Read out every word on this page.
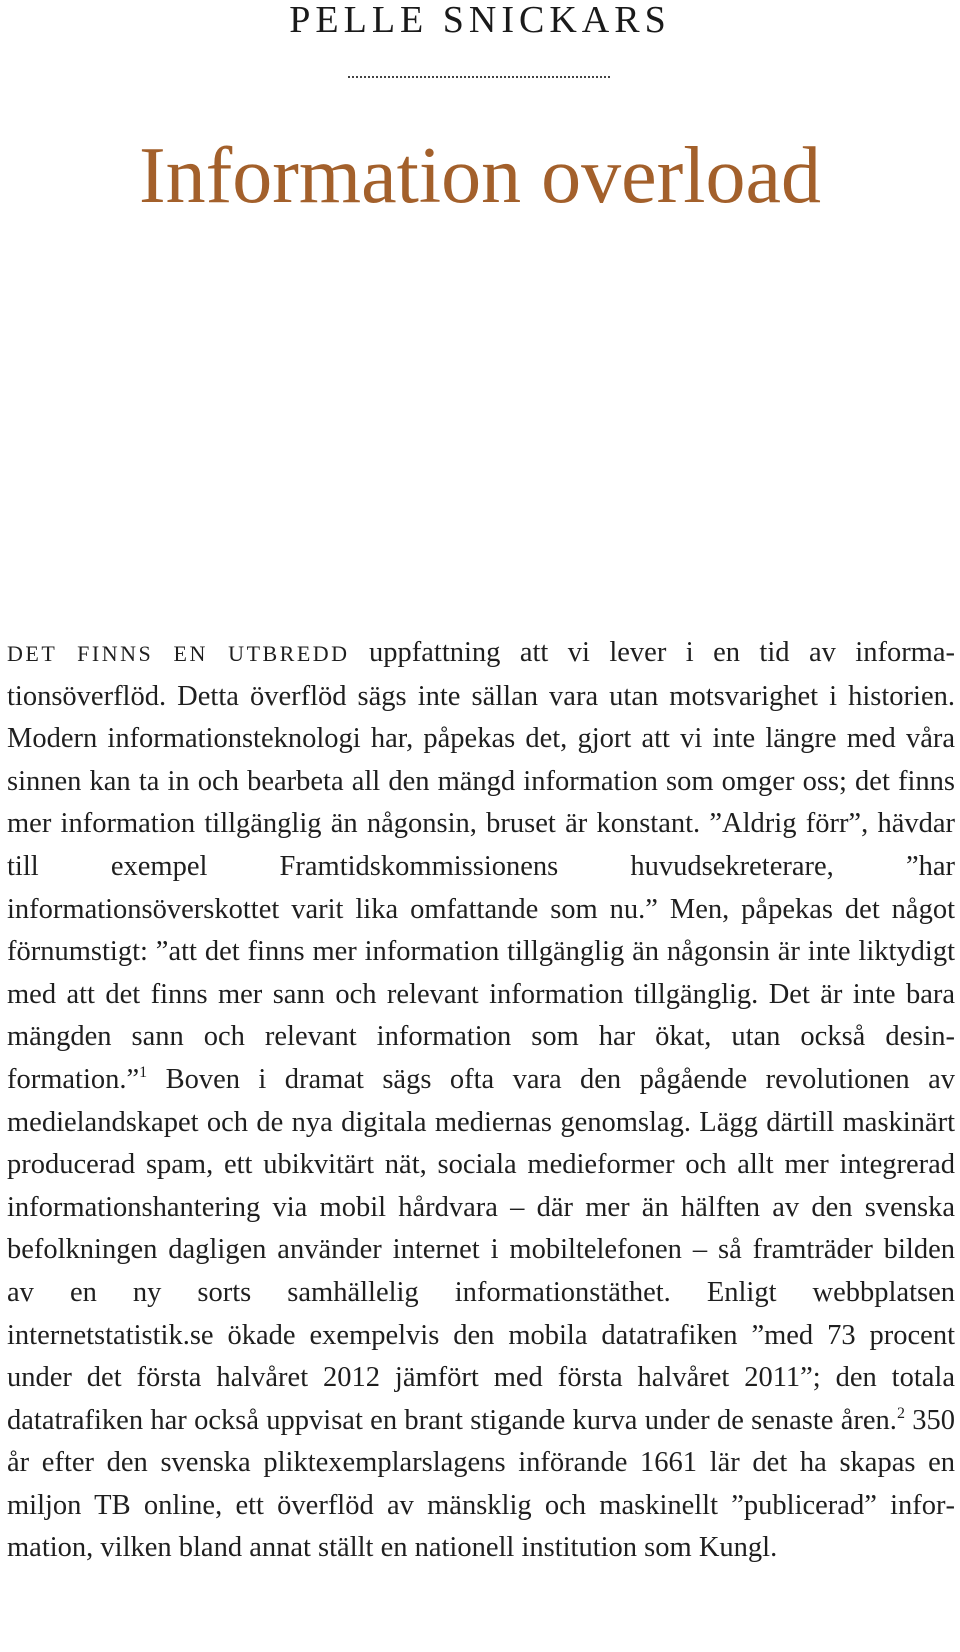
PELLE SNICKARS
Information overload
DET FINNS EN UTBREDD uppfattning att vi lever i en tid av informationsöverflöd. Detta överflöd sägs inte sällan vara utan motsvarighet i historien. Modern informationsteknologi har, påpekas det, gjort att vi inte längre med våra sinnen kan ta in och bearbeta all den mängd information som omger oss; det finns mer information tillgänglig än någonsin, bruset är konstant. ”Aldrig förr”, hävdar till exempel Framtidskommissionens huvudsekreterare, ”har informationsöverskottet varit lika omfattande som nu.” Men, påpekas det något förnumstigt: ”att det finns mer information tillgänglig än någonsin är inte liktydigt med att det finns mer sann och relevant information tillgänglig. Det är inte bara mängden sann och relevant information som har ökat, utan också desinformation.”$^1$ Boven i dramat sägs ofta vara den pågående revolutionen av medielandskapet och de nya digitala mediernas genomslag. Lägg därtill maskinärt producerad spam, ett ubikvitärt nät, sociala medieformer och allt mer integrerad informationshantering via mobil hårdvara – där mer än hälften av den svenska befolkningen dagligen använder internet i mobiltelefonen – så framträder bilden av en ny sorts samhällelig informationstäthet. Enligt webbplatsen internetstatistik.se ökade exempelvis den mobila datatrafiken ”med 73 procent under det första halvåret 2012 jämfört med första halvåret 2011”; den totala datatrafiken har också uppvisat en brant stigande kurva under de senaste åren.$^2$ 350 år efter den svenska pliktexemplarslagens införande 1661 lär det ha skapas en miljon TB online, ett överflöd av mänsklig och maskinellt ”publicerad” information, vilken bland annat ställt en nationell institution som Kungl.
